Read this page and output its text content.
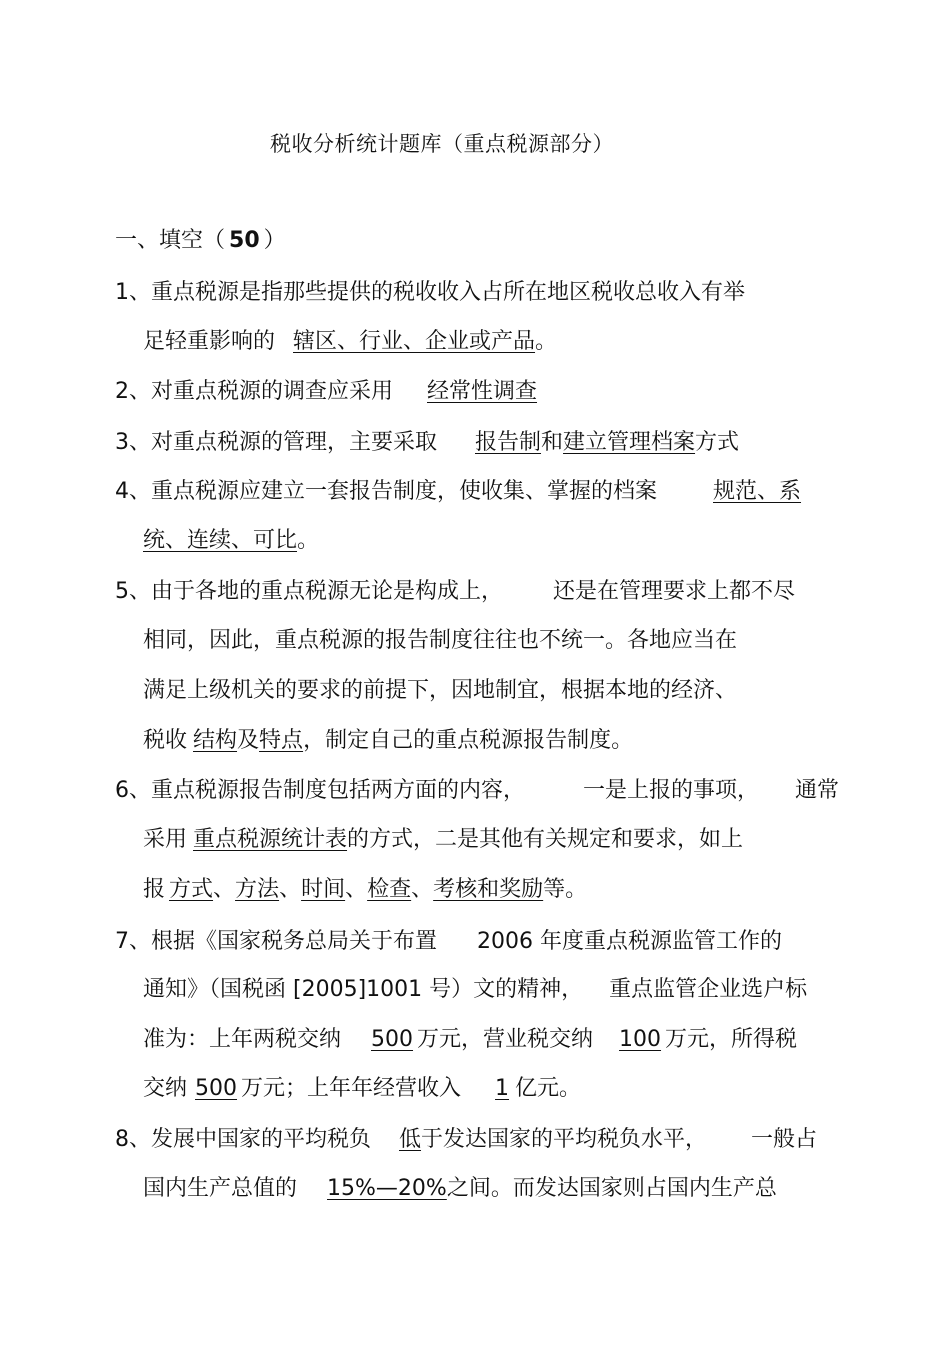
税收分析统计题库（重点税源部分）
一、填空（ 50 ）
1、重点税源是指那些提供的税收收入占所在地区税收总收入有举
足轻重影响的 辖区、行业、企业或产品。
2、对重点税源的调查应采用 经常性调查
3、对重点税源的管理，主要采取 报告制和建立管理档案方式
4、重点税源应建立一套报告制度，使收集、掌握的档案	规范、系
统、连续、可比。
5、由于各地的重点税源无论是构成上， 还是在管理要求上都不尽
相同，因此，重点税源的报告制度往往也不统一。各地应当在
满足上级机关的要求的前提下，因地制宜，根据本地的经济、
税收 结构及特点，制定自己的重点税源报告制度。
6、重点税源报告制度包括两方面的内容，	一是上报的事项， 通常
采用 重点税源统计表的方式，二是其他有关规定和要求，如上
报 方式、方法、时间、检查、考核和奖励等。
7、根据《国家税务总局关于布置 2006 年度重点税源监管工作的
通知》（国税函 [2005]1001 号）文的精神， 重点监管企业选户标
准为：上年两税交纳 500 万元，营业税交纳 100 万元，所得税
交纳 500 万元；上年年经营收入 1 亿元。
8、发展中国家的平均税负 低于发达国家的平均税负水平， 一般占
国内生产总值的 15%—20%之间。而发达国家则占国内生产总
